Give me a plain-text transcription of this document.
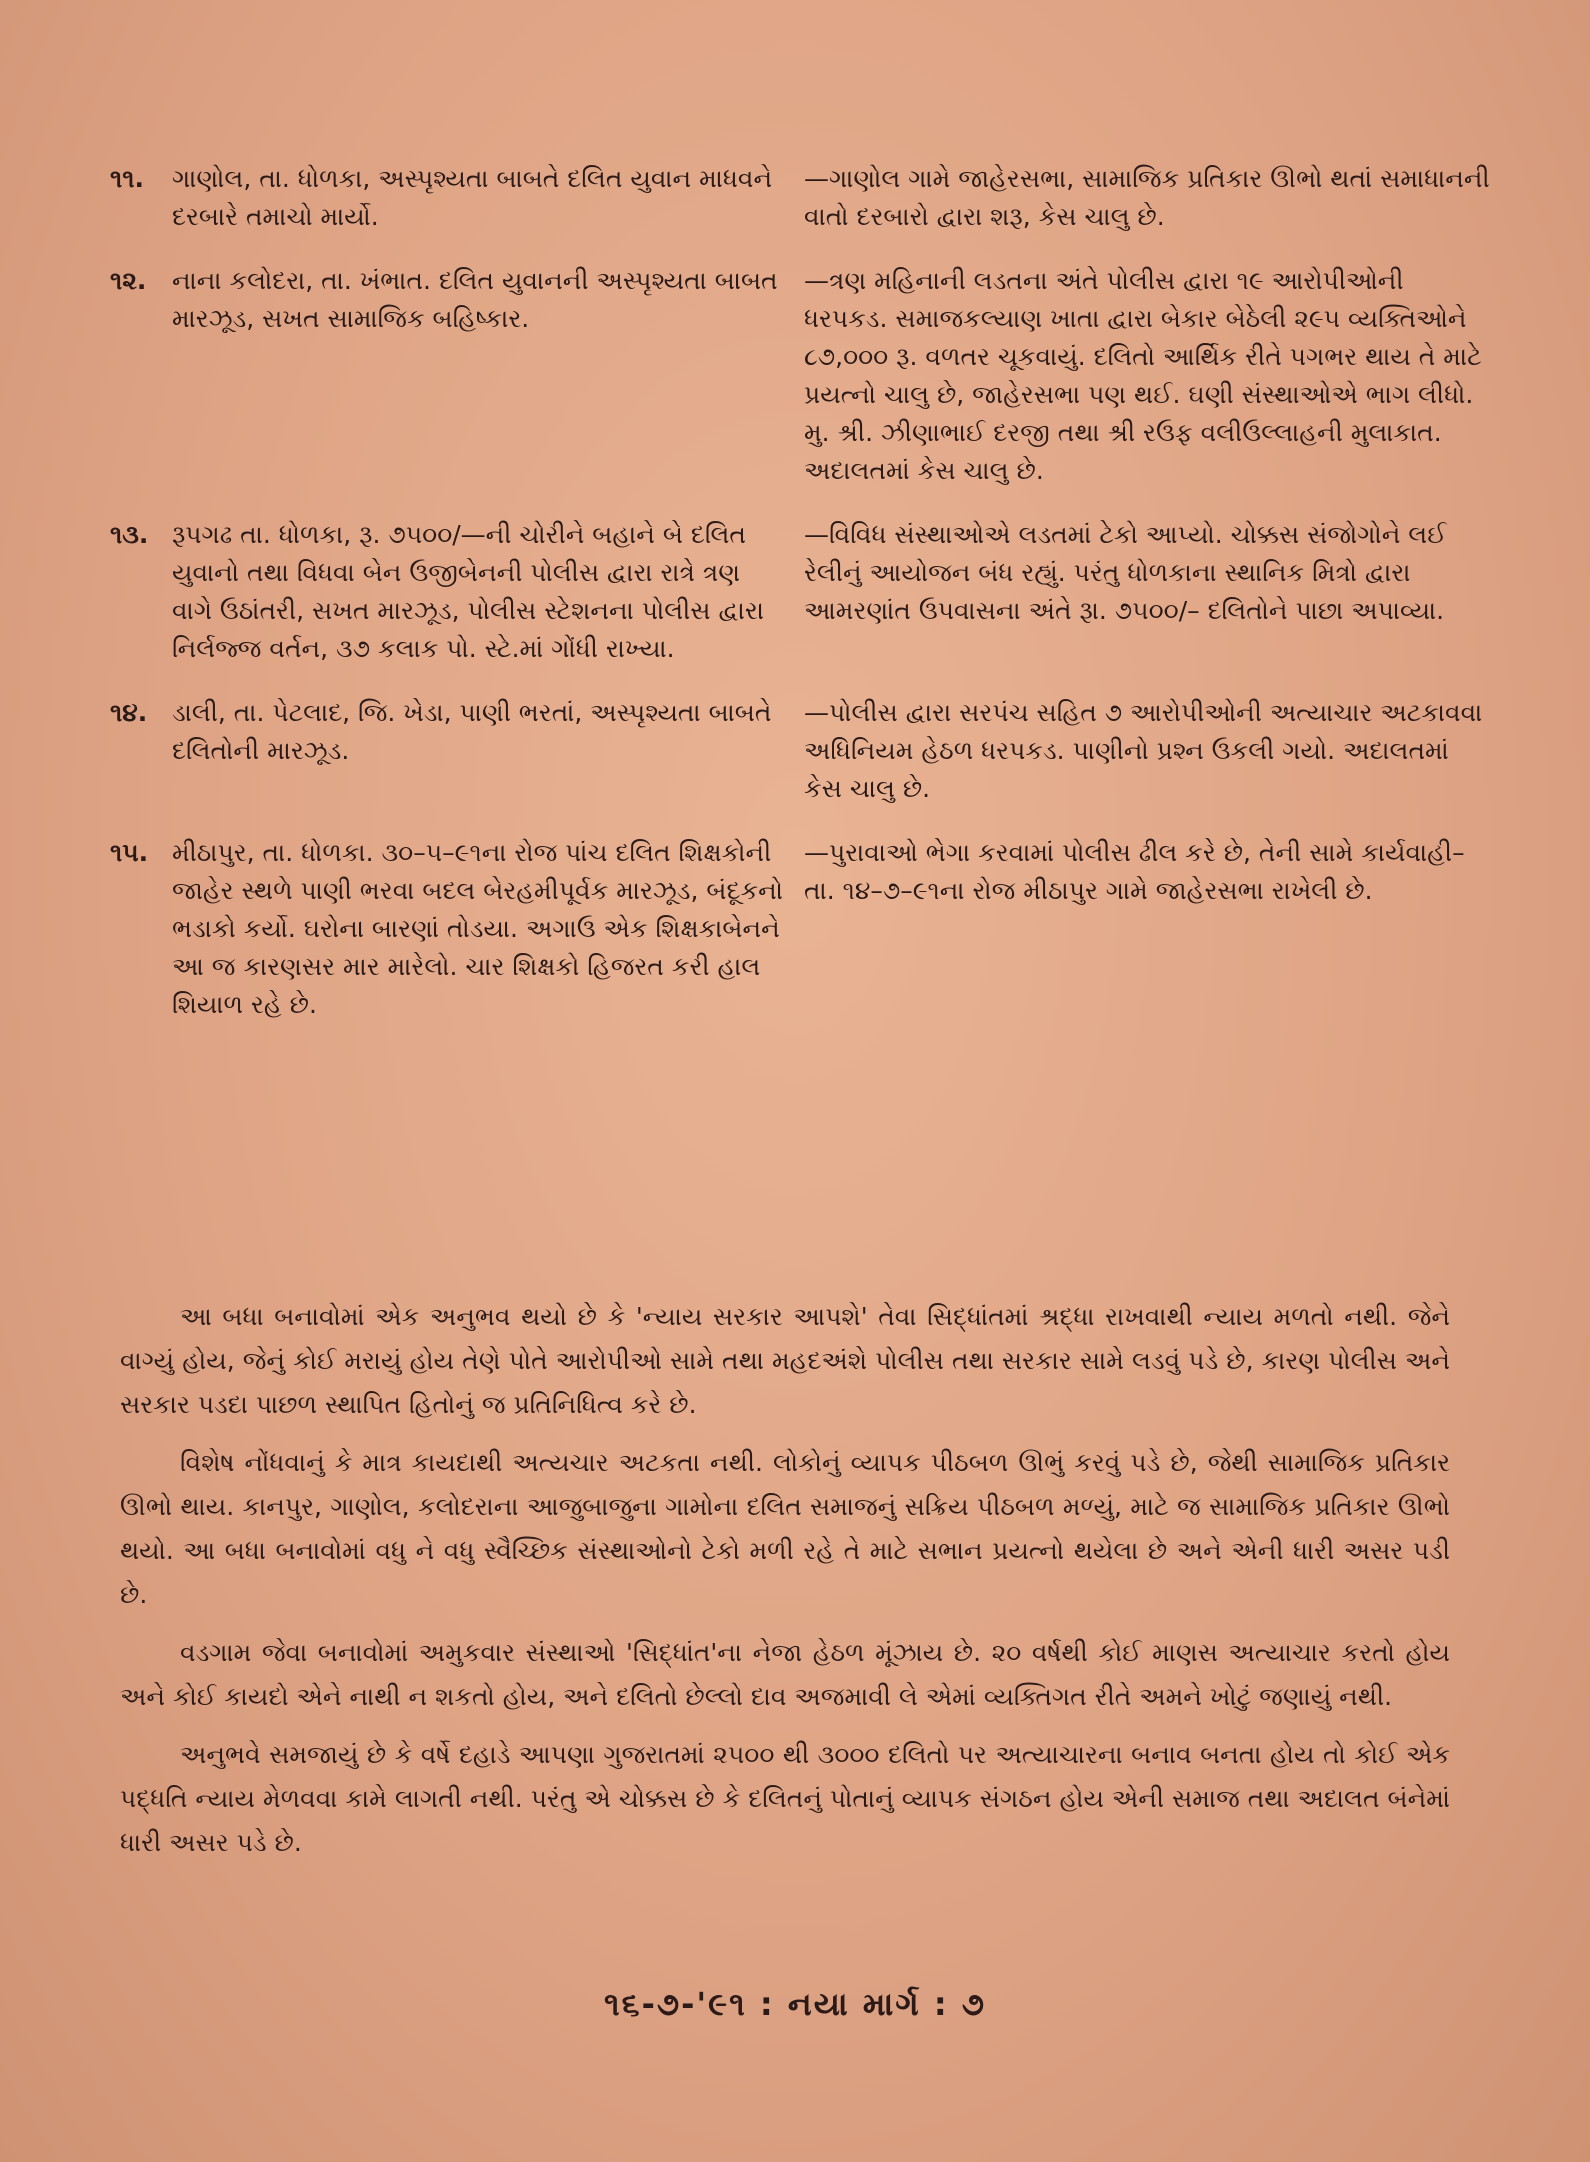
૧૧.	ગાણોલ, તા. ધોળકા, અસ્પૃશ્યતા બાબતે દલિત યુવાન માધવને દરબારે તમાચો માર્યો.
—ગાણોલ ગામે જાહેરસભા, સામાજિક પ્રતિકાર ઊભો થતાં સમાધાનની વાતો દરબારો દ્વારા શરૂ, કેસ ચાલુ છે.
૧૨.	નાના કલોદરા, તા. ખંભાત. દલિત યુવાનની અસ્પૃશ્યતા બાબત મારઝૂડ, સખત સામાજિક બહિષ્કાર.
—ત્રણ મહિનાની લડતના અંતે પોલીસ દ્વારા ૧૯ આરોપીઓની ધરપકડ. સમાજકલ્યાણ ખાતા દ્વારા બેકાર બેઠેલી ૨૯૫ વ્યક્તિઓને ૮૭,૦૦૦ રૂ. વળતર ચૂકવાયું. દલિતો આર્થિક રીતે પગભર થાય તે માટે પ્રયત્નો ચાલુ છે, જાહેરસભા પણ થઈ. ઘણી સંસ્થાઓએ ભાગ લીધો. મુ. શ્રી. ઝીણાભાઈ દરજી તથા શ્રી રઉફ વલીઉલ્લાહની મુલાકાત. અદાલતમાં કેસ ચાલુ છે.
૧૩. રૂપગઢ તા. ધોળકા, રૂ. ૭૫૦૦/—ની ચોરીને બહાને બે દલિત યુવાનો તથા વિધવા બેન ઉજીબેનની પોલીસ દ્વારા રાત્રે ત્રણ વાગે ઉઠાંતરી, સખત મારઝૂડ, પોલીસ સ્ટેશનના પોલીસ દ્વારા નિર્લજ્જ વર્તન, ૩૭ કલાક પો. સ્ટે.માં ગોંધી રાખ્યા.
—વિવિધ સંસ્થાઓએ લડતમાં ટેકો આપ્યો. ચોક્કસ સંજોગોને લઈ રેલીનું આયોજન બંધ રહ્યું. પરંતુ ધોળકાના સ્થાનિક મિત્રો દ્વારા આમરણાંત ઉપવાસના અંતે રૂા. ૭૫૦૦/– દલિતોને પાછા અપાવ્યા.
૧૪. ડાલી, તા. પેટલાદ, જિ. ખેડા, પાણી ભરતાં, અસ્પૃશ્યતા બાબતે દલિતોની મારઝૂડ.
—પોલીસ દ્વારા સરપંચ સહિત ૭ આરોપીઓની અત્યાચાર અટકાવવા અધિનિયમ હેઠળ ધરપકડ. પાણીનો પ્રશ્ન ઉકલી ગયો. અદાલતમાં કેસ ચાલુ છે.
૧૫. મીઠાપુર, તા. ધોળકા. ૩૦–૫–૯૧ના રોજ પાંચ દલિત શિક્ષકોની જાહેર સ્થળે પાણી ભરવા બદલ બેરહમીપૂર્વક મારઝૂડ, બંદૂકનો ભડાકો કર્યો. ઘરોના બારણાં તોડયા. અગાઉ એક શિક્ષકાબેનને આ જ કારણસર માર મારેલો. ચાર શિક્ષકો હિજરત કરી હાલ શિયાળ રહે છે.
—પુરાવાઓ ભેગા કરવામાં પોલીસ ઢીલ કરે છે, તેની સામે કાર્યવાહી–તા. ૧૪–૭–૯૧ના રોજ મીઠાપુર ગામે જાહેરસભા રાખેલી છે.

આ બધા બનાવોમાં એક અનુભવ થયો છે કે 'ન્યાય સરકાર આપશે' તેવા સિદ્ધાંતમાં શ્રદ્ધા રાખવાથી ન્યાય મળતો નથી. જેને વાગ્યું હોય, જેનું કોઈ મરાયું હોય તેણે પોતે આરોપીઓ સામે તથા મહદઅંશે પોલીસ તથા સરકાર સામે લડવું પડે છે, કારણ પોલીસ અને સરકાર પડદા પાછળ સ્થાપિત હિતોનું જ પ્રતિનિધિત્વ કરે છે.

વિશેષ નોંધવાનું કે માત્ર કાયદાથી અત્યચાર અટકતા નથી. લોકોનું વ્યાપક પીઠબળ ઊભું કરવું પડે છે, જેથી સામાજિક પ્રતિકાર ઊભો થાય. કાનપુર, ગાણોલ, કલોદરાના આજુબાજુના ગામોના દલિત સમાજનું સક્રિય પીઠબળ મળ્યું, માટે જ સામાજિક પ્રતિકાર ઊભો થયો. આ બધા બનાવોમાં વધુ ને વધુ સ્વૈચ્છિક સંસ્થાઓનો ટેકો મળી રહે તે માટે સભાન પ્રયત્નો થયેલા છે અને એની ધારી અસર પડી છે.

વડગામ જેવા બનાવોમાં અમુકવાર સંસ્થાઓ 'સિદ્ધાંત'ના નેજા હેઠળ મૂંઝાય છે. ૨૦ વર્ષથી કોઈ માણસ અત્યાચાર કરતો હોય અને કોઈ કાયદો એને નાથી ન શકતો હોય, અને દલિતો છેલ્લો દાવ અજમાવી લે એમાં વ્યક્તિગત રીતે અમને ખોટું જણાયું નથી.

અનુભવે સમજાયું છે કે વર્ષે દહાડે આપણા ગુજરાતમાં ૨૫૦૦ થી ૩૦૦૦ દલિતો પર અત્યાચારના બનાવ બનતા હોય તો કોઈ એક પદ્ધતિ ન્યાય મેળવવા કામે લાગતી નથી. પરંતુ એ ચોક્કસ છે કે દલિતનું પોતાનું વ્યાપક સંગઠન હોય એની સમાજ તથા અદાલત બંનેમાં ધારી અસર પડે છે.

૧૬-૭-'૯૧ : નયા માર્ગ : ૭
